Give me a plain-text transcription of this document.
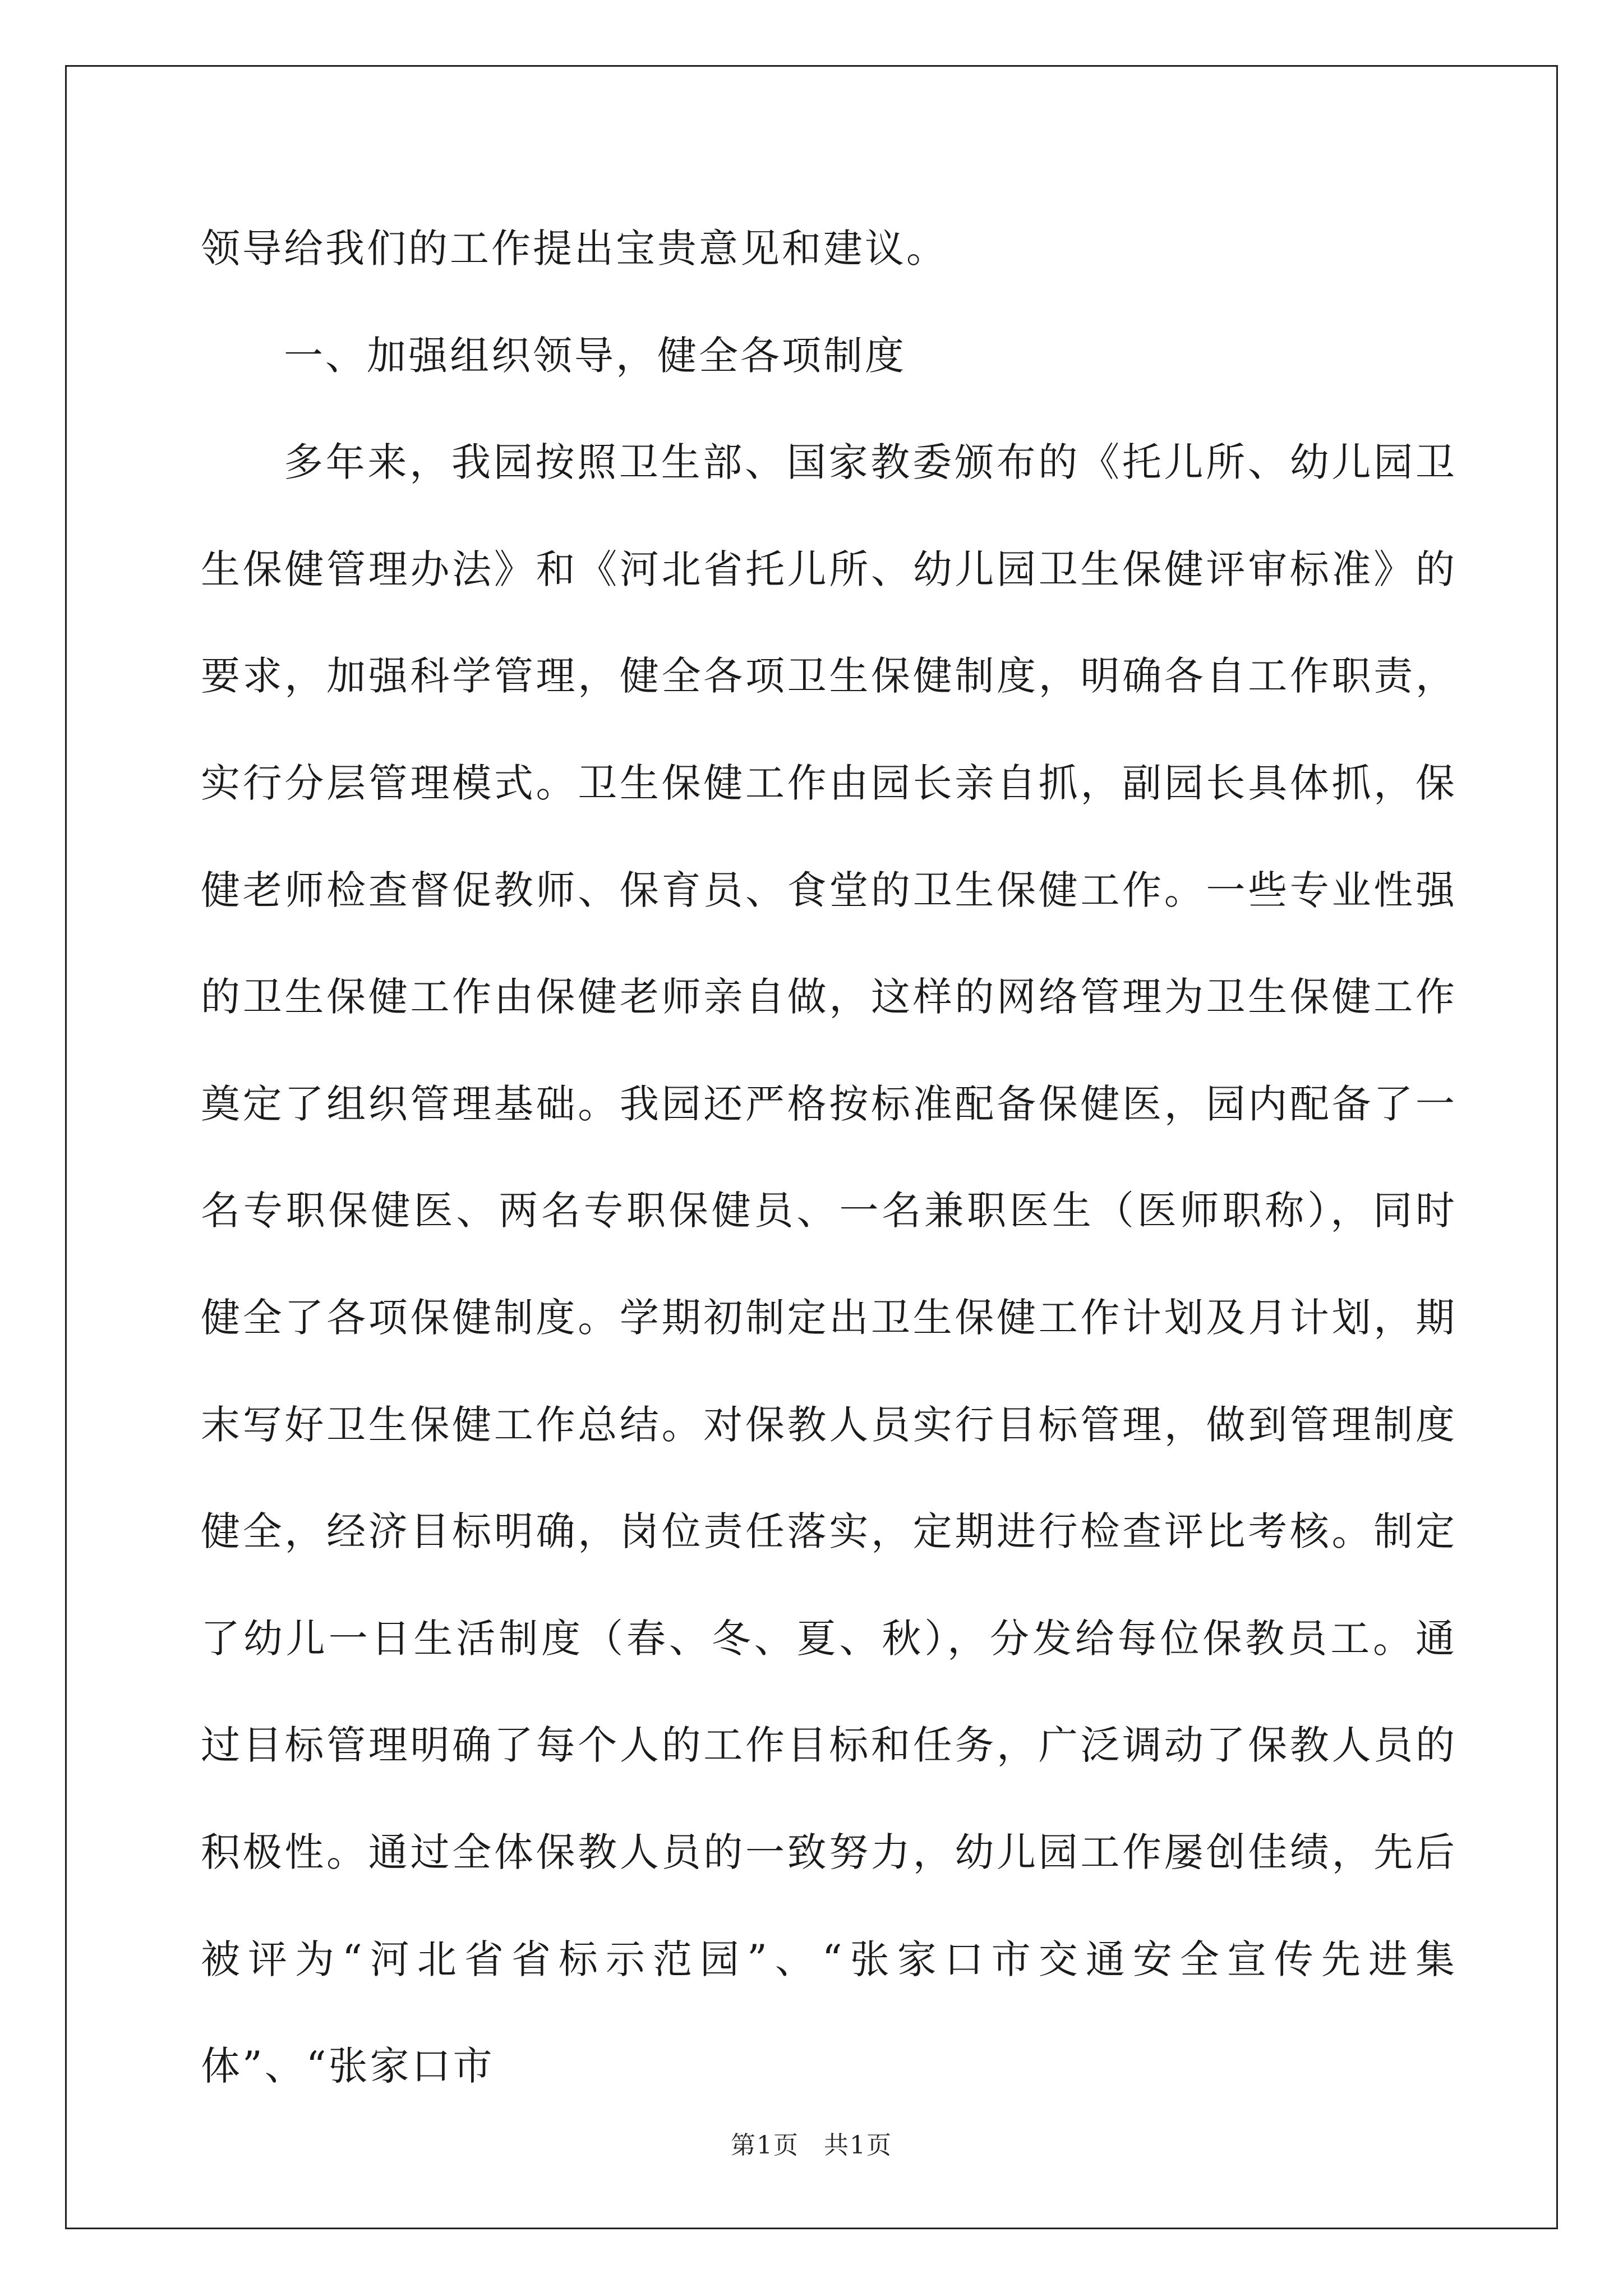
领导给我们的工作提出宝贵意见和建议。

一、加强组织领导，健全各项制度

多年来，我园按照卫生部、国家教委颁布的《托儿所、幼儿园卫生保健管理办法》和《河北省托儿所、幼儿园卫生保健评审标准》的要求，加强科学管理，健全各项卫生保健制度，明确各自工作职责，实行分层管理模式。卫生保健工作由园长亲自抓，副园长具体抓，保健老师检查督促教师、保育员、食堂的卫生保健工作。一些专业性强的卫生保健工作由保健老师亲自做，这样的网络管理为卫生保健工作奠定了组织管理基础。我园还严格按标准配备保健医，园内配备了一名专职保健医、两名专职保健员、一名兼职医生（医师职称），同时健全了各项保健制度。学期初制定出卫生保健工作计划及月计划，期末写好卫生保健工作总结。对保教人员实行目标管理，做到管理制度健全，经济目标明确，岗位责任落实，定期进行检查评比考核。制定了幼儿一日生活制度（春、冬、夏、秋），分发给每位保教员工。通过目标管理明确了每个人的工作目标和任务，广泛调动了保教人员的积极性。通过全体保教人员的一致努力，幼儿园工作屡创佳绩，先后被评为“河北省省标示范园”、“张家口市交通安全宣传先进集体”、“张家口市

第1页 共1页
